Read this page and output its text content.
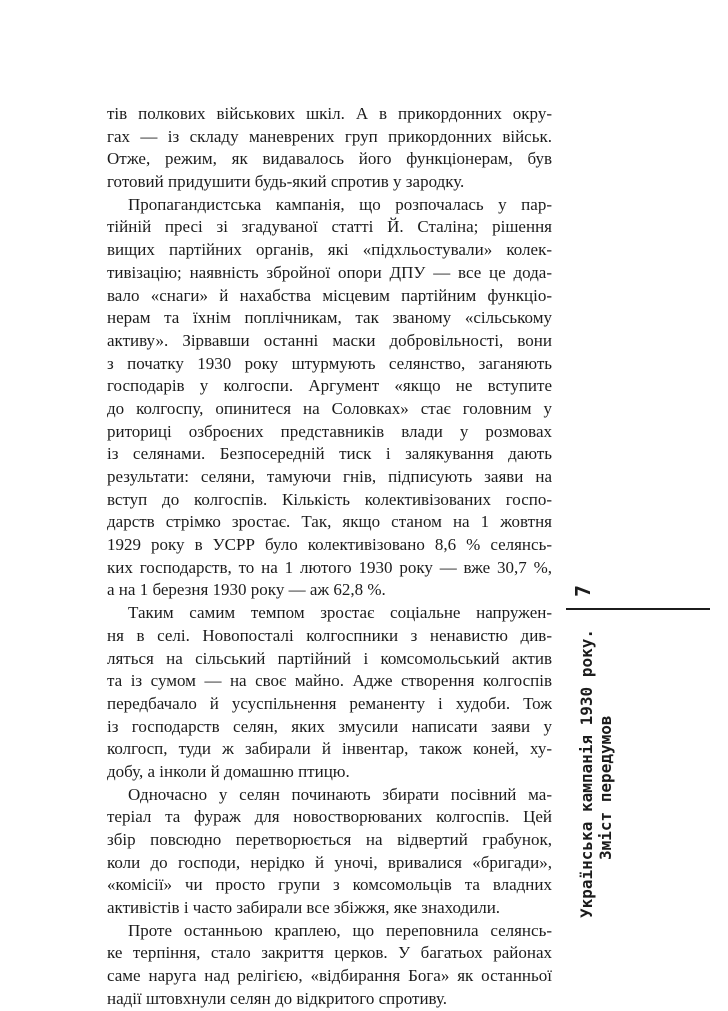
тів полкових військових шкіл. А в прикордонних окру-
гах — із складу маневрених груп прикордонних військ.
Отже, режим, як видавалось його функціонерам, був
готовий придушити будь-який спротив у зародку.
Пропагандистська кампанія, що розпочалась у пар-
тійній пресі зі згадуваної статті Й. Сталіна; рішення
вищих партійних органів, які «підхльостували» колек-
тивізацію; наявність збройної опори ДПУ — все це дода-
вало «снаги» й нахабства місцевим партійним функціо-
нерам та їхнім поплічникам, так званому «сільському
активу». Зірвавши останні маски добровільності, вони
з початку 1930 року штурмують селянство, заганяють
господарів у колгоспи. Аргумент «якщо не вступите
до колгоспу, опинитеся на Соловках» стає головним у
риториці озброєних представників влади у розмовах
із селянами. Безпосередній тиск і залякування дають
результати: селяни, тамуючи гнів, підписують заяви на
вступ до колгоспів. Кількість колективізованих госпо-
дарств стрімко зростає. Так, якщо станом на 1 жовтня
1929 року в УСРР було колективізовано 8,6 % селянсь-
ких господарств, то на 1 лютого 1930 року — вже 30,7 %,
а на 1 березня 1930 року — аж 62,8 %.
Таким самим темпом зростає соціальне напружен-
ня в селі. Новопосталі колгоспники з ненавистю див-
ляться на сільський партійний і комсомольський актив
та із сумом — на своє майно. Адже створення колгоспів
передбачало й усуспільнення реманенту і худоби. Тож
із господарств селян, яких змусили написати заяви у
колгосп, туди ж забирали й інвентар, також коней, ху-
добу, а інколи й домашню птицю.
Одночасно у селян починають збирати посівний ма-
теріал та фураж для новостворюваних колгоспів. Цей
збір повсюдно перетворюється на відвертий грабунок,
коли до господи, нерідко й уночі, вривалися «бригади»,
«комісії» чи просто групи з комсомольців та владних
активістів і часто забирали все збіжжя, яке знаходили.
Проте останньою краплею, що переповнила селянсь-
ке терпіння, стало закриття церков. У багатьох районах
саме наруга над релігією, «відбирання Бога» як останньої
надії штовхнули селян до відкритого спротиву.
7
Українська кампанія 1930 року. Зміст передумов
